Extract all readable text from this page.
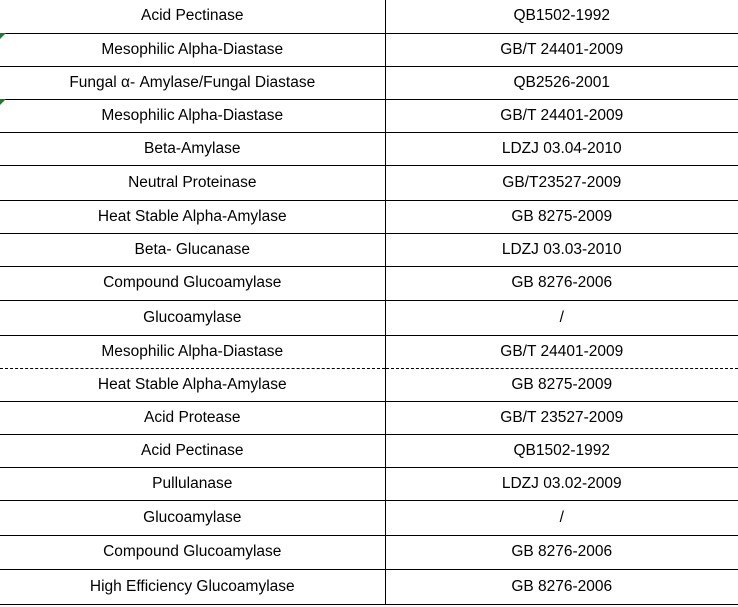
Acid Pectinase	QB1502-1992
Mesophilic Alpha-Diastase	GB/T 24401-2009
Fungal α- Amylase/Fungal Diastase	QB2526-2001
Mesophilic Alpha-Diastase	GB/T 24401-2009
Beta-Amylase	LDZJ 03.04-2010
Neutral Proteinase	GB/T23527-2009
Heat Stable Alpha-Amylase	GB 8275-2009
Beta- Glucanase	LDZJ 03.03-2010
Compound Glucoamylase	GB 8276-2006
Glucoamylase	/
Mesophilic Alpha-Diastase	GB/T 24401-2009
Heat Stable Alpha-Amylase	GB 8275-2009
Acid Protease	GB/T 23527-2009
Acid Pectinase	QB1502-1992
Pullulanase	LDZJ 03.02-2009
Glucoamylase	/
Compound Glucoamylase	GB 8276-2006
High Efficiency Glucoamylase	GB 8276-2006
